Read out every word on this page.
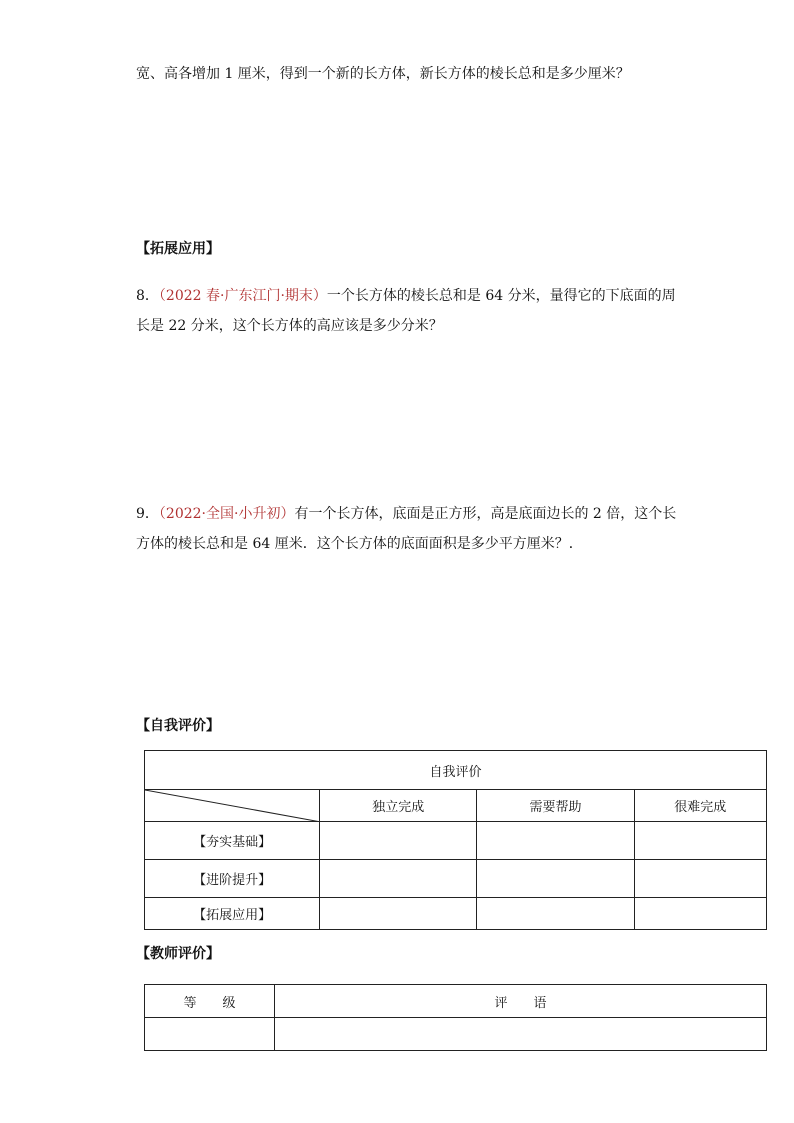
宽、高各增加 1 厘米，得到一个新的长方体，新长方体的棱长总和是多少厘米？
【拓展应用】
8．（2022 春·广东江门·期末）一个长方体的棱长总和是 64 分米，量得它的下底面的周
长是 22 分米，这个长方体的高应该是多少分米？
9．（2022·全国·小升初）有一个长方体，底面是正方形，高是底面边长的 2 倍，这个长
方体的棱长总和是 64 厘米．这个长方体的底面面积是多少平方厘米？．
【自我评价】
自我评价			

	独立完成	需要帮助	很难完成
【夯实基础】			
【进阶提升】			
【拓展应用】			
【教师评价】
等　　级	评　　语
